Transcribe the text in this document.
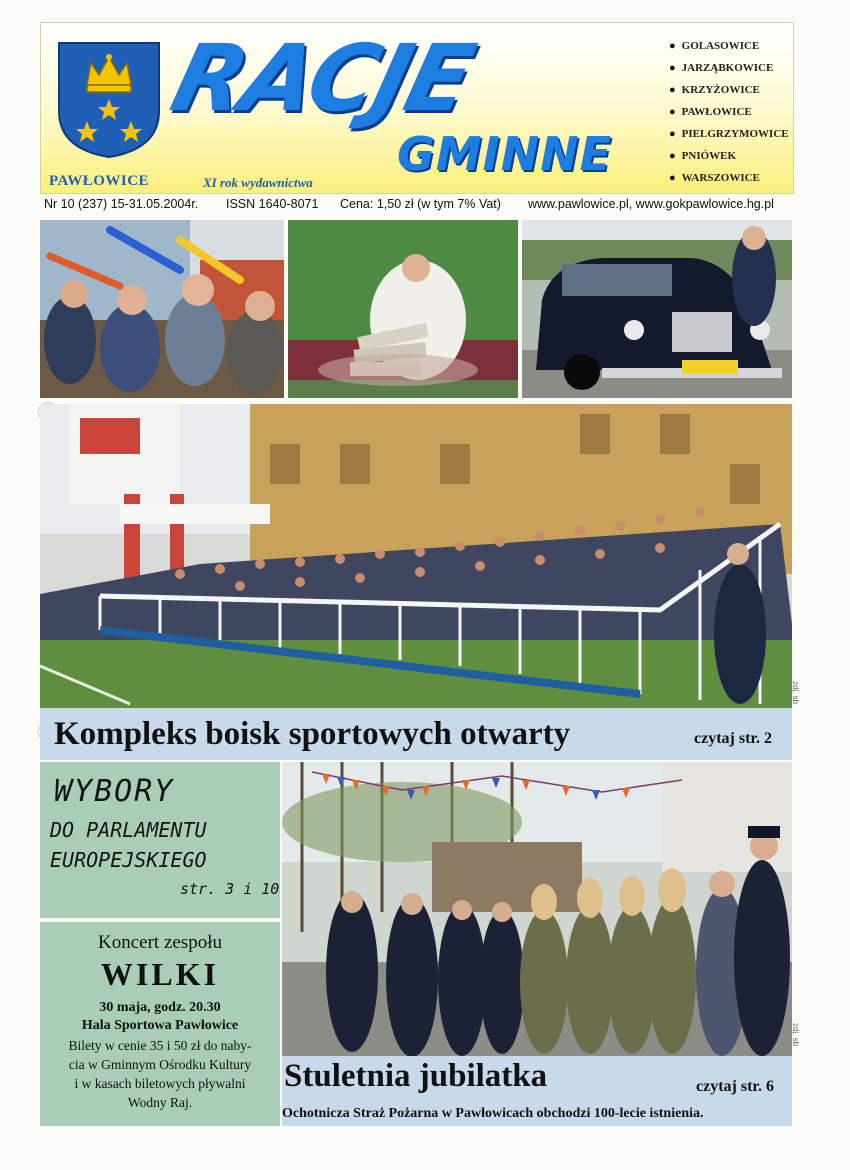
PAWŁOWICE
RACJE
GMINNE
XI rok wydawnictwa
● GOLASOWICE
● JARZĄBKOWICE
● KRZYŻOWICE
● PAWŁOWICE
● PIELGRZYMOWICE
● PNIÓWEK
● WARSZOWICE
Nr 10 (237) 15-31.05.2004r. ISSN 1640-8071 Cena: 1,50 zł (w tym 7% Vat) www.pawlowice.pl, www.gokpawlowice.hg.pl
zdj. sb
Kompleks boisk sportowych otwarty	czytaj str. 2
WYBORY
DO PARLAMENTU
EUROPEJSKIEGO
str. 3 i 10
Koncert zespołu
WILKI
30 maja, godz. 20.30
Hala Sportowa Pawłowice
Bilety w cenie 35 i 50 zł do naby-
cia w Gminnym Ośrodku Kultury
i w kasach biletowych pływalni
Wodny Raj.
zdj. sb
Stuletnia jubilatka	czytaj str. 6
Ochotnicza Straż Pożarna w Pawłowicach obchodzi 100-lecie istnienia.
